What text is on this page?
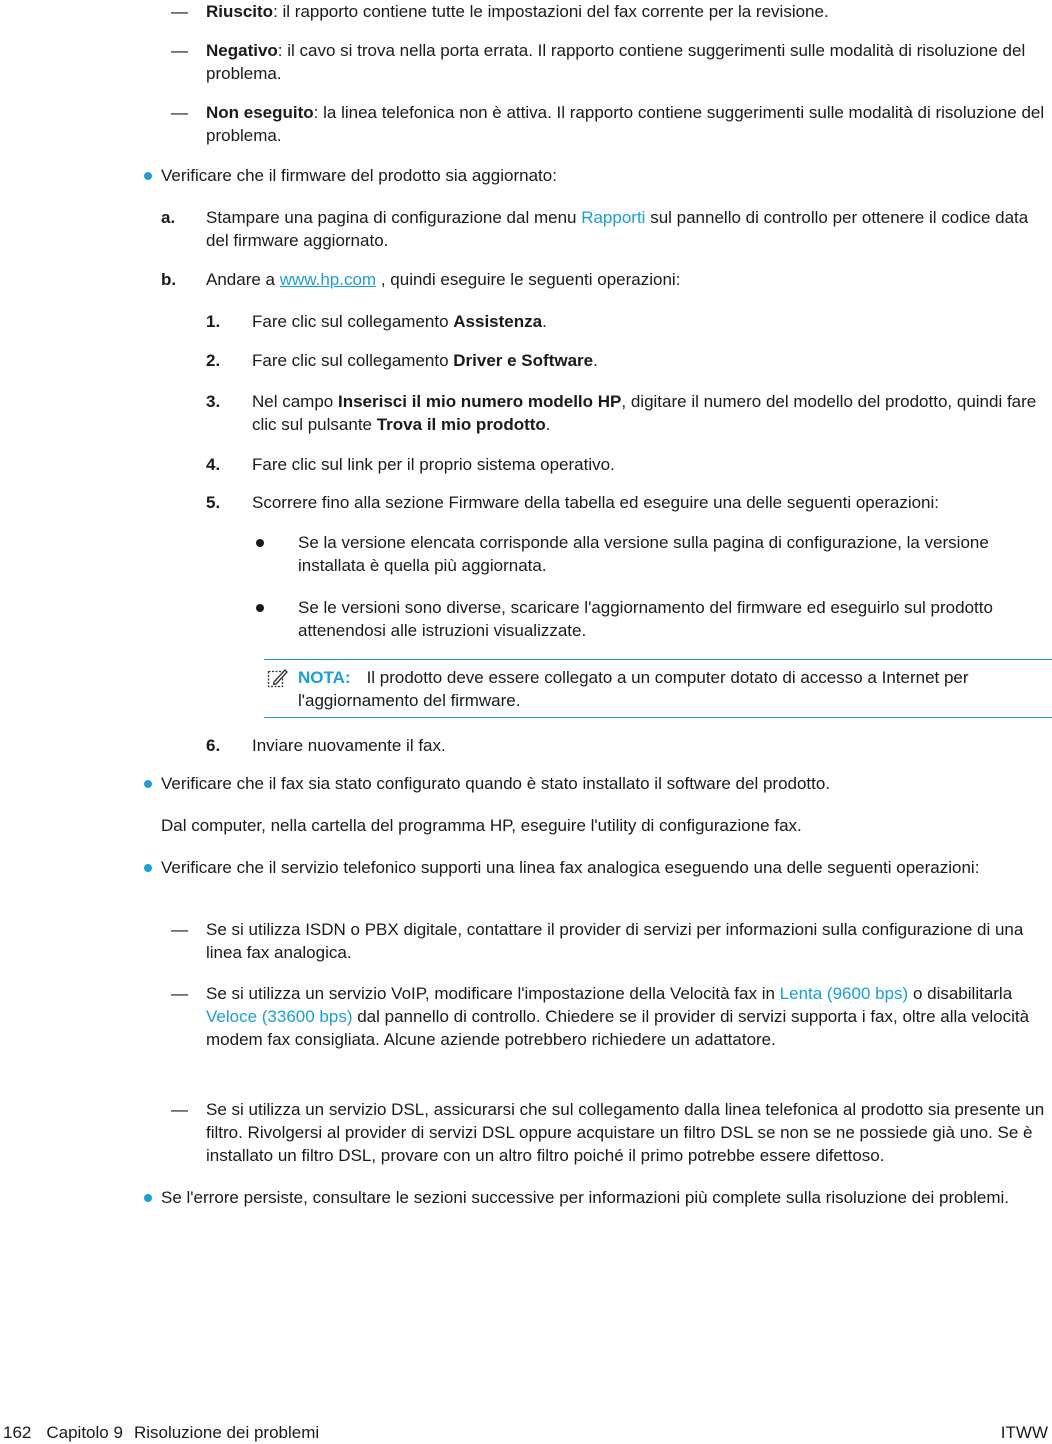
— Riuscito: il rapporto contiene tutte le impostazioni del fax corrente per la revisione.
— Negativo: il cavo si trova nella porta errata. Il rapporto contiene suggerimenti sulle modalità di risoluzione del problema.
— Non eseguito: la linea telefonica non è attiva. Il rapporto contiene suggerimenti sulle modalità di risoluzione del problema.
Verificare che il firmware del prodotto sia aggiornato:
a. Stampare una pagina di configurazione dal menu Rapporti sul pannello di controllo per ottenere il codice data del firmware aggiornato.
b. Andare a www.hp.com , quindi eseguire le seguenti operazioni:
1. Fare clic sul collegamento Assistenza.
2. Fare clic sul collegamento Driver e Software.
3. Nel campo Inserisci il mio numero modello HP, digitare il numero del modello del prodotto, quindi fare clic sul pulsante Trova il mio prodotto.
4. Fare clic sul link per il proprio sistema operativo.
5. Scorrere fino alla sezione Firmware della tabella ed eseguire una delle seguenti operazioni:
Se la versione elencata corrisponde alla versione sulla pagina di configurazione, la versione installata è quella più aggiornata.
Se le versioni sono diverse, scaricare l'aggiornamento del firmware ed eseguirlo sul prodotto attenendosi alle istruzioni visualizzate.
NOTA: Il prodotto deve essere collegato a un computer dotato di accesso a Internet per l'aggiornamento del firmware.
6. Inviare nuovamente il fax.
Verificare che il fax sia stato configurato quando è stato installato il software del prodotto.
Dal computer, nella cartella del programma HP, eseguire l'utility di configurazione fax.
Verificare che il servizio telefonico supporti una linea fax analogica eseguendo una delle seguenti operazioni:
— Se si utilizza ISDN o PBX digitale, contattare il provider di servizi per informazioni sulla configurazione di una linea fax analogica.
— Se si utilizza un servizio VoIP, modificare l'impostazione della Velocità fax in Lenta (9600 bps) o disabilitarla Veloce (33600 bps) dal pannello di controllo. Chiedere se il provider di servizi supporta i fax, oltre alla velocità modem fax consigliata. Alcune aziende potrebbero richiedere un adattatore.
— Se si utilizza un servizio DSL, assicurarsi che sul collegamento dalla linea telefonica al prodotto sia presente un filtro. Rivolgersi al provider di servizi DSL oppure acquistare un filtro DSL se non se ne possiede già uno. Se è installato un filtro DSL, provare con un altro filtro poiché il primo potrebbe essere difettoso.
Se l'errore persiste, consultare le sezioni successive per informazioni più complete sulla risoluzione dei problemi.
162 Capitolo 9 Risoluzione dei problemi	ITWW
